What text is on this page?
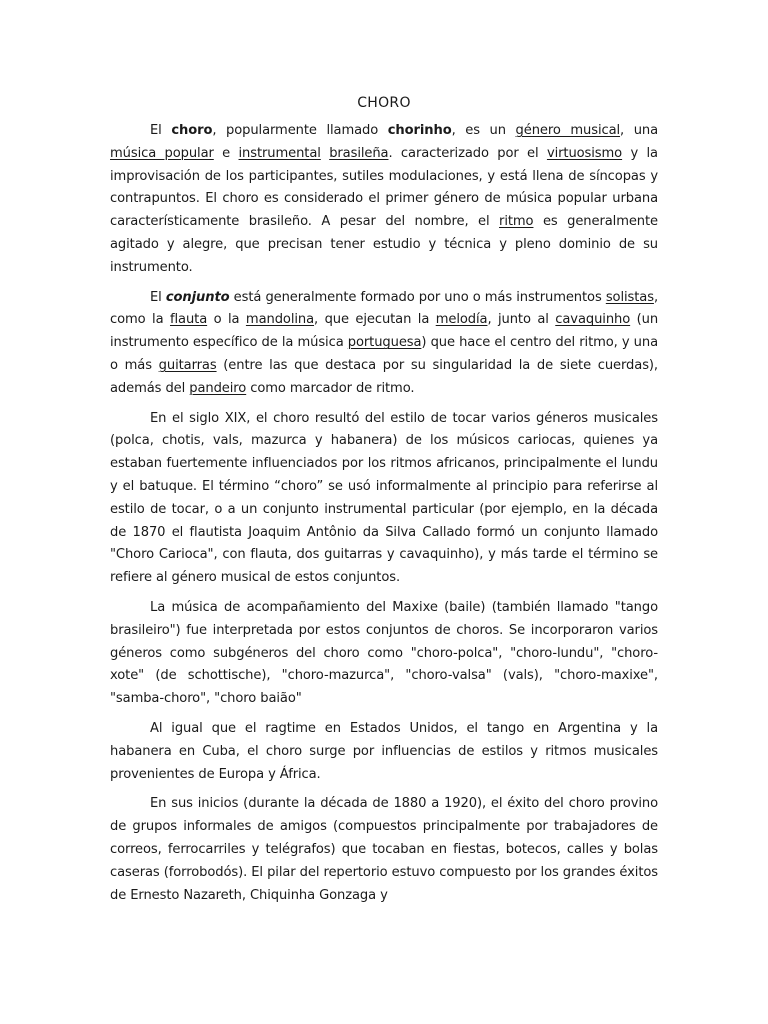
CHORO

El choro, popularmente llamado chorinho, es un género musical, una música popular e instrumental brasileña. caracterizado por el virtuosismo y la improvisación de los participantes, sutiles modulaciones, y está llena de síncopas y contrapuntos. El choro es considerado el primer género de música popular urbana característicamente brasileño. A pesar del nombre, el ritmo es generalmente agitado y alegre, que precisan tener estudio y técnica y pleno dominio de su instrumento.

El conjunto está generalmente formado por uno o más instrumentos solistas, como la flauta o la mandolina, que ejecutan la melodía, junto al cavaquinho (un instrumento específico de la música portuguesa) que hace el centro del ritmo, y una o más guitarras (entre las que destaca por su singularidad la de siete cuerdas), además del pandeiro como marcador de ritmo.

En el siglo XIX, el choro resultó del estilo de tocar varios géneros musicales (polca, chotis, vals, mazurca y habanera) de los músicos cariocas, quienes ya estaban fuertemente influenciados por los ritmos africanos, principalmente el lundu y el batuque. El término “choro” se usó informalmente al principio para referirse al estilo de tocar, o a un conjunto instrumental particular (por ejemplo, en la década de 1870 el flautista Joaquim Antônio da Silva Callado formó un conjunto llamado "Choro Carioca", con flauta, dos guitarras y cavaquinho), y más tarde el término se refiere al género musical de estos conjuntos.

La música de acompañamiento del Maxixe (baile) (también llamado "tango brasileiro") fue interpretada por estos conjuntos de choros. Se incorporaron varios géneros como subgéneros del choro como "choro-polca", "choro-lundu", "choro-xote" (de schottische), "choro-mazurca", "choro-valsa" (vals), "choro-maxixe", "samba-choro", "choro baião"

Al igual que el ragtime en Estados Unidos, el tango en Argentina y la habanera en Cuba, el choro surge por influencias de estilos y ritmos musicales provenientes de Europa y África.

En sus inicios (durante la década de 1880 a 1920), el éxito del choro provino de grupos informales de amigos (compuestos principalmente por trabajadores de correos, ferrocarriles y telégrafos) que tocaban en fiestas, botecos, calles y bolas caseras (forrobodós). El pilar del repertorio estuvo compuesto por los grandes éxitos de Ernesto Nazareth, Chiquinha Gonzaga y
